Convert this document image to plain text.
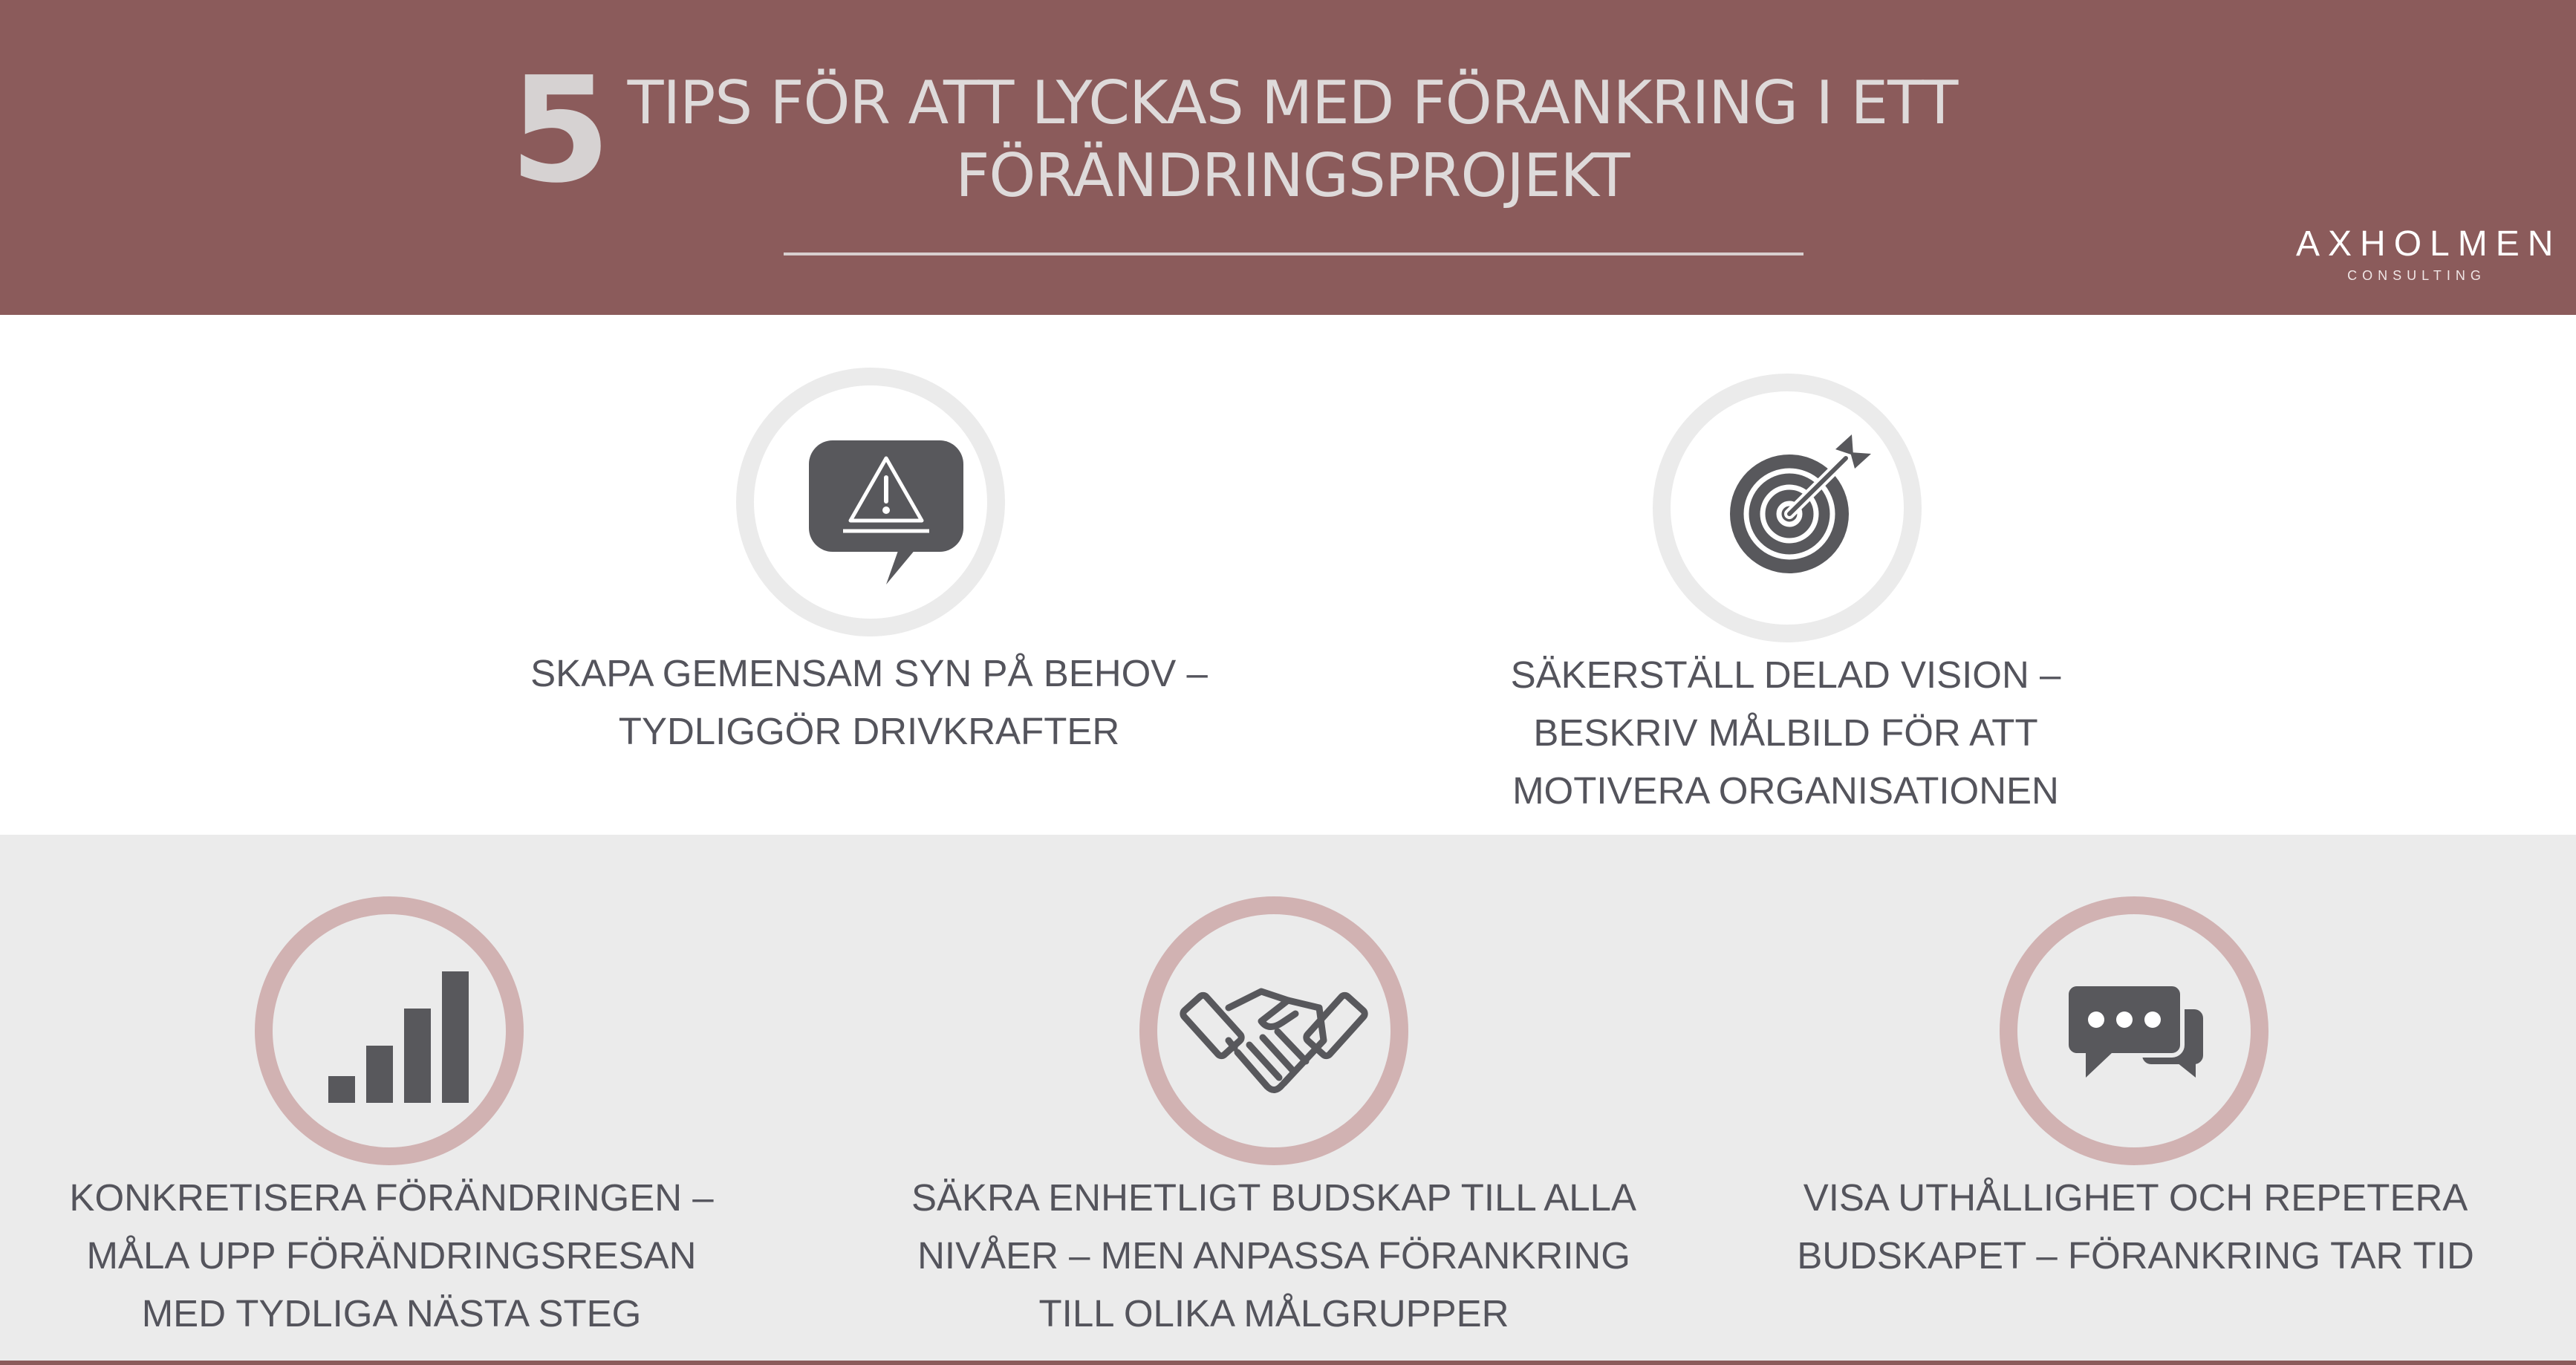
5 TIPS FÖR ATT LYCKAS MED FÖRANKRING I ETT
FÖRÄNDRINGSPROJEKT
AXHOLMEN
CONSULTING
SKAPA GEMENSAM SYN PÅ BEHOV –
TYDLIGGÖR DRIVKRAFTER
SÄKERSTÄLL DELAD VISION –
BESKRIV MÅLBILD FÖR ATT
MOTIVERA ORGANISATIONEN
KONKRETISERA FÖRÄNDRINGEN –
MÅLA UPP FÖRÄNDRINGSRESAN
MED TYDLIGA NÄSTA STEG
SÄKRA ENHETLIGT BUDSKAP TILL ALLA
NIVÅER – MEN ANPASSA FÖRANKRING
TILL OLIKA MÅLGRUPPER
VISA UTHÅLLIGHET OCH REPETERA
BUDSKAPET – FÖRANKRING TAR TID
